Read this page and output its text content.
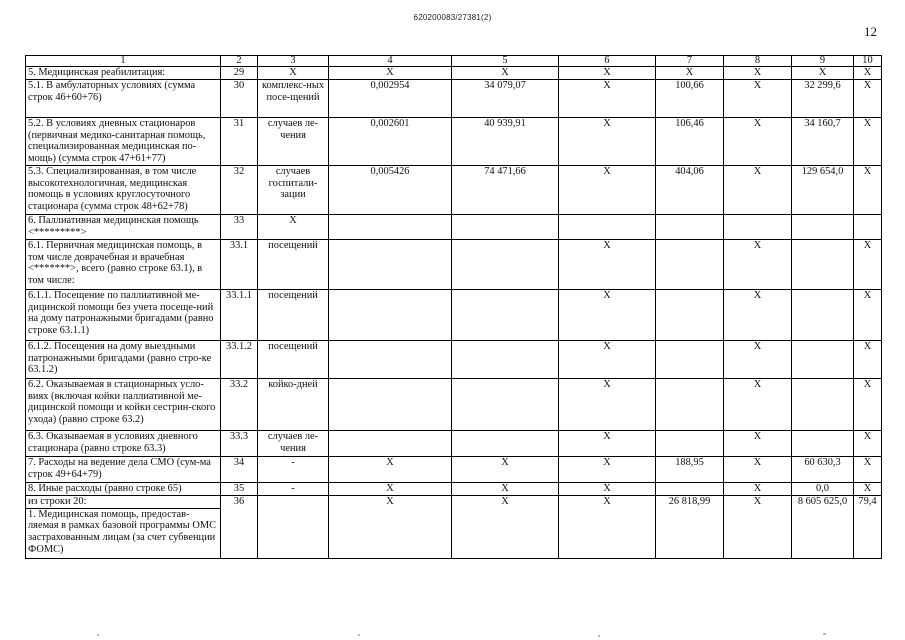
620200083/27381(2)
12
1	2	3	4	5	6	7	8	9	10
5. Медицинская реабилитация:	29	X	X	X	X	X	X	X	X
5.1. В амбулаторных условиях (сумма строк 46+60+76)	30	комплекс-ных посе-щений	0,002954	34 079,07	X	100,66	X	32 299,6	X
5.2. В условиях дневных стационаров (первичная медико-санитарная помощь, специализированная медицинская по-мощь) (сумма строк 47+61+77)	31	случаев ле-чения	0,002601	40 939,91	X	106,46	X	34 160,7	X
5.3. Специализированная, в том числе высокотехнологичная, медицинская помощь в условиях круглосуточного стационара (сумма строк 48+62+78)	32	случаев госпитали-зации	0,005426	74 471,66	X	404,06	X	129 654,0	X
6. Паллиативная медицинская помощь <*********>	33	X							
6.1. Первичная медицинская помощь, в том числе доврачебная и врачебная <*******>, всего (равно строке 63.1), в том числе:	33.1	посещений			X		X		X
6.1.1. Посещение по паллиативной ме-дицинской помощи без учета посеще-ний на дому патронажными бригадами (равно строке 63.1.1)	33.1.1	посещений			X		X		X
6.1.2. Посещения на дому выездными патронажными бригадами (равно стро-ке 63.1.2)	33.1.2	посещений			X		X		X
6.2. Оказываемая в стационарных усло-виях (включая койки паллиативной ме-дицинской помощи и койки сестрин-ского ухода) (равно строке 63.2)	33.2	койко-дней			X		X		X
6.3. Оказываемая в условиях дневного стационара (равно строке 63.3)	33.3	случаев ле-чения			X		X		X
7. Расходы на ведение дела СМО (сум-ма строк 49+64+79)	34	-	X	X	X	188,95	X	60 630,3	X
8. Иные расходы (равно строке 65)	35	-	X	X	X		X	0,0	X
из строки 20:	36		X	X	X	26 818,99	X	8 605 625,0	79,4
1. Медицинская помощь, предостав-ляемая в рамках базовой программы ОМС застрахованным лицам (за счет субвенции ФОМС)									
